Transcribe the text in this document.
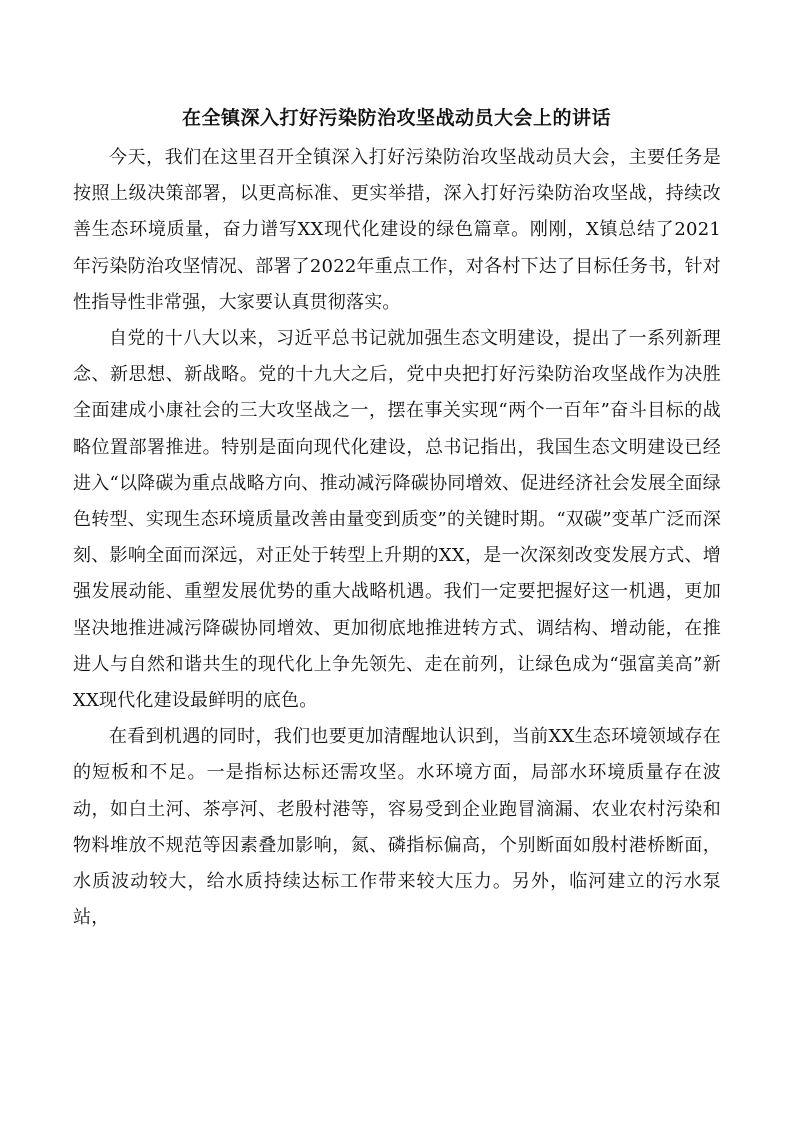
在全镇深入打好污染防治攻坚战动员大会上的讲话

今天，我们在这里召开全镇深入打好污染防治攻坚战动员大会，主要任务是按照上级决策部署，以更高标准、更实举措，深入打好污染防治攻坚战，持续改善生态环境质量，奋力谱写XX现代化建设的绿色篇章。刚刚，X镇总结了2021年污染防治攻坚情况、部署了2022年重点工作，对各村下达了目标任务书，针对性指导性非常强，大家要认真贯彻落实。

自党的十八大以来，习近平总书记就加强生态文明建设，提出了一系列新理念、新思想、新战略。党的十九大之后，党中央把打好污染防治攻坚战作为决胜全面建成小康社会的三大攻坚战之一，摆在事关实现“两个一百年”奋斗目标的战略位置部署推进。特别是面向现代化建设，总书记指出，我国生态文明建设已经进入“以降碳为重点战略方向、推动减污降碳协同增效、促进经济社会发展全面绿色转型、实现生态环境质量改善由量变到质变”的关键时期。“双碳”变革广泛而深刻、影响全面而深远，对正处于转型上升期的XX，是一次深刻改变发展方式、增强发展动能、重塑发展优势的重大战略机遇。我们一定要把握好这一机遇，更加坚决地推进减污降碳协同增效、更加彻底地推进转方式、调结构、增动能，在推进人与自然和谐共生的现代化上争先领先、走在前列，让绿色成为“强富美高”新XX现代化建设最鲜明的底色。

在看到机遇的同时，我们也要更加清醒地认识到，当前XX生态环境领域存在的短板和不足。一是指标达标还需攻坚。水环境方面，局部水环境质量存在波动，如白土河、茶亭河、老殷村港等，容易受到企业跑冒滴漏、农业农村污染和物料堆放不规范等因素叠加影响，氮、磷指标偏高，个别断面如殷村港桥断面，水质波动较大，给水质持续达标工作带来较大压力。另外，临河建立的污水泵站，
